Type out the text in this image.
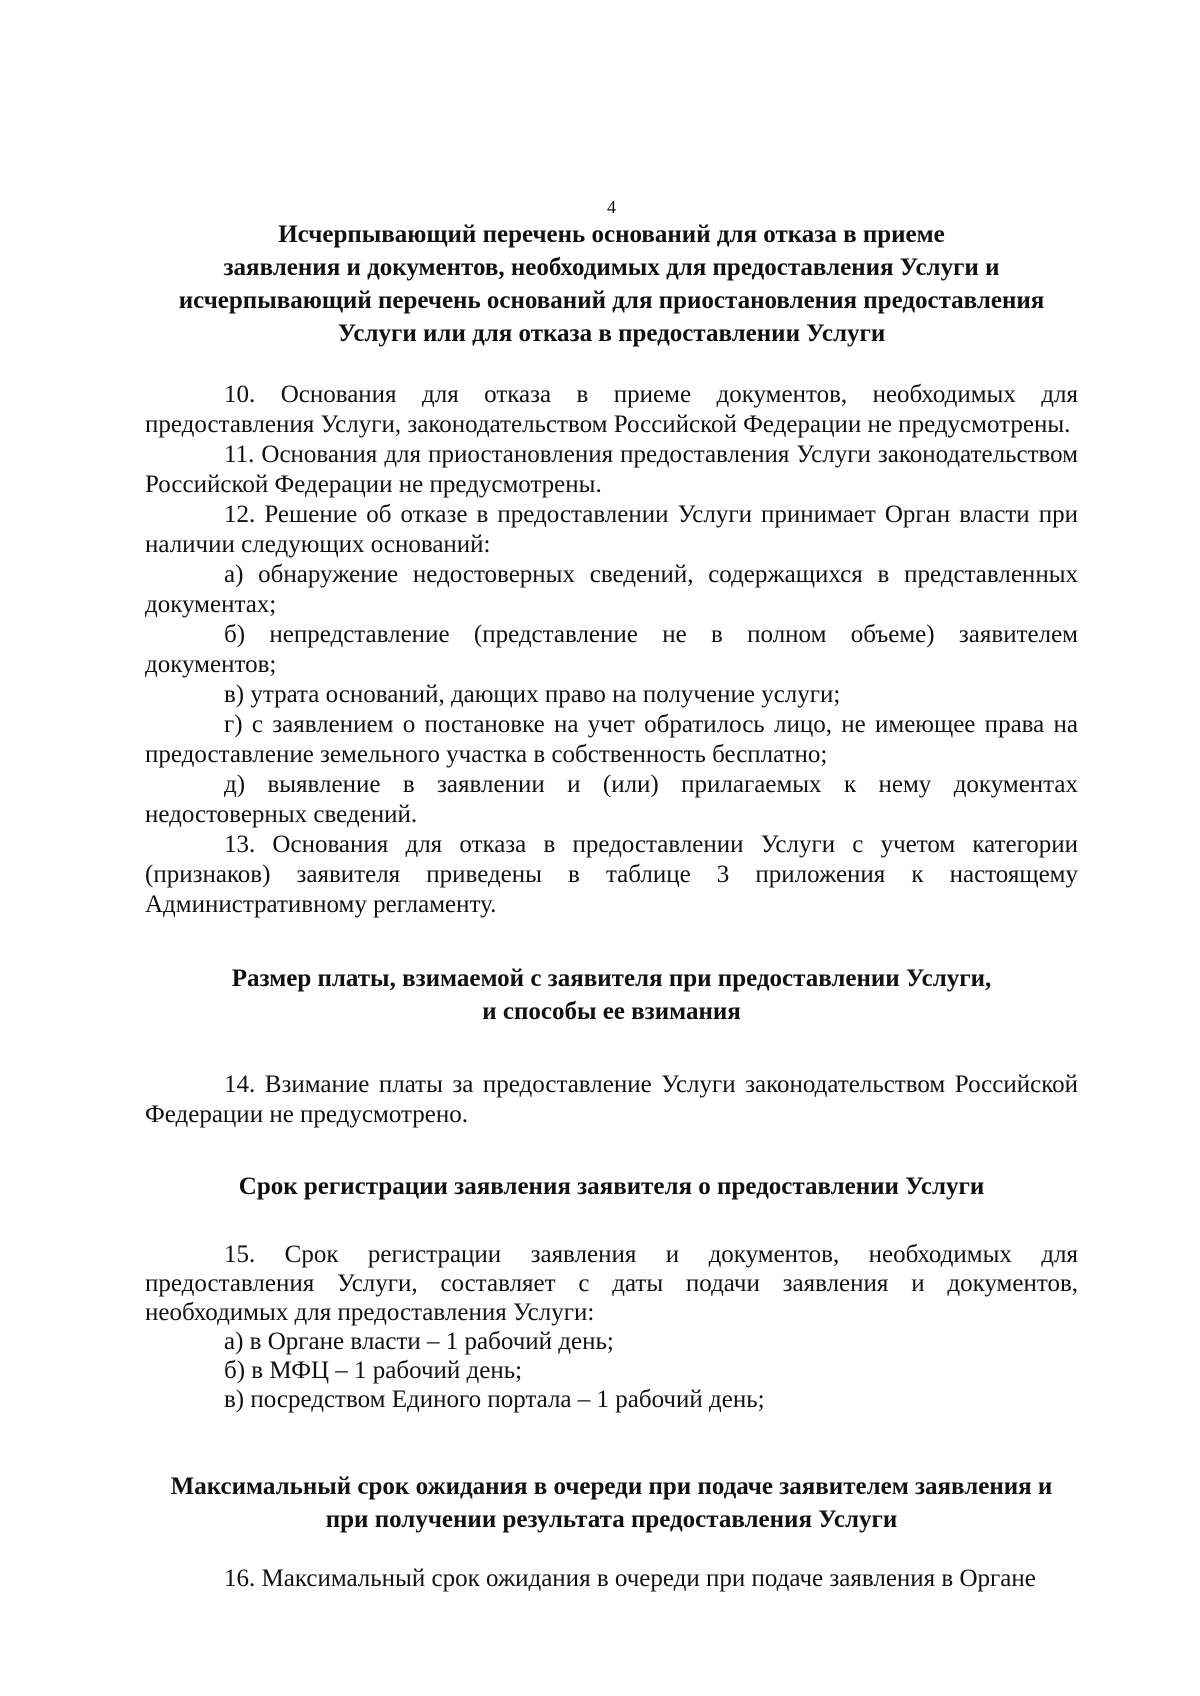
4
Исчерпывающий перечень оснований для отказа в приеме
заявления и документов, необходимых для предоставления Услуги и
исчерпывающий перечень оснований для приостановления предоставления
Услуги или для отказа в предоставлении Услуги

10. Основания для отказа в приеме документов, необходимых для предоставления Услуги, законодательством Российской Федерации не предусмотрены.

11. Основания для приостановления предоставления Услуги законодательством Российской Федерации не предусмотрены.

12. Решение об отказе в предоставлении Услуги принимает Орган власти при наличии следующих оснований:

а) обнаружение недостоверных сведений, содержащихся в представленных документах;

б) непредставление (представление не в полном объеме) заявителем документов;

в) утрата оснований, дающих право на получение услуги;

г) с заявлением о постановке на учет обратилось лицо, не имеющее права на предоставление земельного участка в собственность бесплатно;

д) выявление в заявлении и (или) прилагаемых к нему документах недостоверных сведений.

13. Основания для отказа в предоставлении Услуги с учетом категории (признаков) заявителя приведены в таблице 3 приложения к настоящему Административному регламенту.

Размер платы, взимаемой с заявителя при предоставлении Услуги,
и способы ее взимания

14. Взимание платы за предоставление Услуги законодательством Российской Федерации не предусмотрено.

Срок регистрации заявления заявителя о предоставлении Услуги

15. Срок регистрации заявления и документов, необходимых для предоставления Услуги, составляет с даты подачи заявления и документов, необходимых для предоставления Услуги:

а) в Органе власти – 1 рабочий день;

б) в МФЦ – 1 рабочий день;

в) посредством Единого портала – 1 рабочий день;

Максимальный срок ожидания в очереди при подаче заявителем заявления и
при получении результата предоставления Услуги

16. Максимальный срок ожидания в очереди при подаче заявления в Органе
